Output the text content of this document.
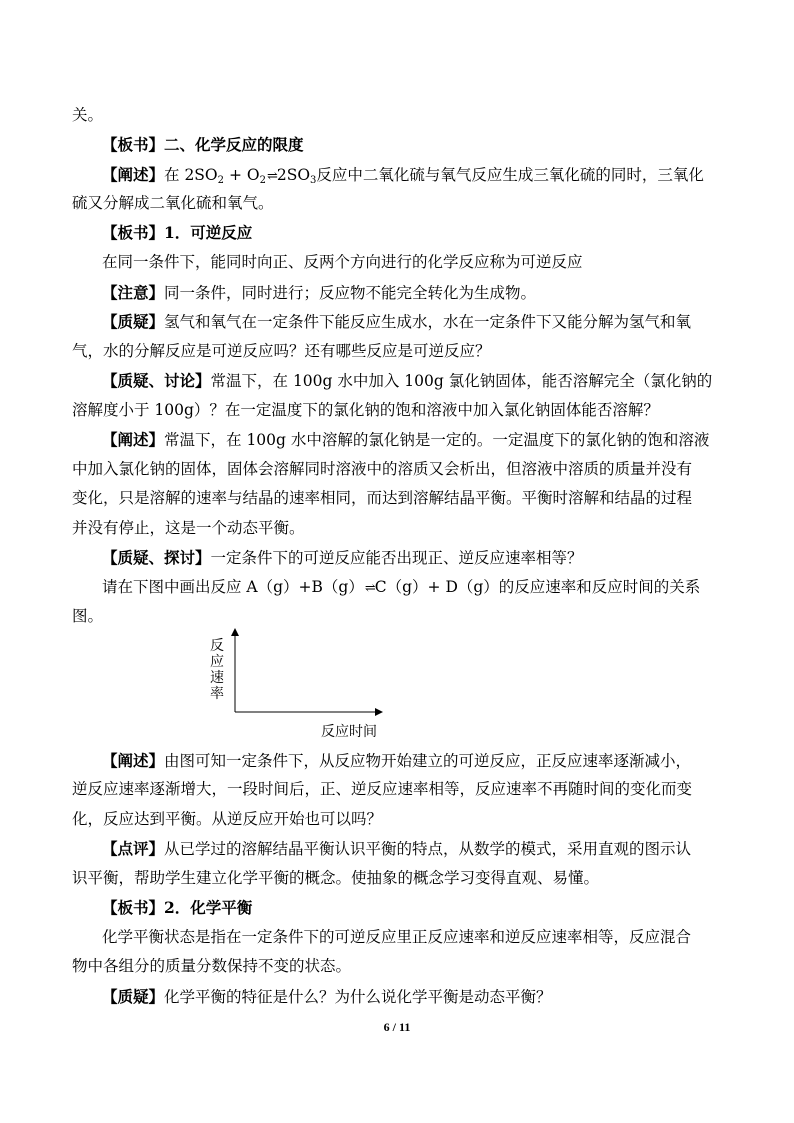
关。
【板书】二、化学反应的限度
【阐述】在 $2SO_2$ + $O_2\rightleftharpoons 2SO_3$反应中二氧化硫与氧气反应生成三氧化硫的同时，三氧化
硫又分解成二氧化硫和氧气。
【板书】1．可逆反应
在同一条件下，能同时向正、反两个方向进行的化学反应称为可逆反应
【注意】同一条件，同时进行；反应物不能完全转化为生成物。
【质疑】氢气和氧气在一定条件下能反应生成水，水在一定条件下又能分解为氢气和氧
气，水的分解反应是可逆反应吗？还有哪些反应是可逆反应？
【质疑、讨论】常温下，在 100g 水中加入 100g 氯化钠固体，能否溶解完全（氯化钠的
溶解度小于 100g）？在一定温度下的氯化钠的饱和溶液中加入氯化钠固体能否溶解？
【阐述】常温下，在 100g 水中溶解的氯化钠是一定的。一定温度下的氯化钠的饱和溶液
中加入氯化钠的固体，固体会溶解同时溶液中的溶质又会析出，但溶液中溶质的质量并没有
变化，只是溶解的速率与结晶的速率相同，而达到溶解结晶平衡。平衡时溶解和结晶的过程
并没有停止，这是一个动态平衡。
【质疑、探讨】一定条件下的可逆反应能否出现正、逆反应速率相等？
请在下图中画出反应 A（g）+B（g）⇌C（g）+ D（g）的反应速率和反应时间的关系
图。
反应速率
反应时间
【阐述】由图可知一定条件下，从反应物开始建立的可逆反应，正反应速率逐渐减小，
逆反应速率逐渐增大，一段时间后，正、逆反应速率相等，反应速率不再随时间的变化而变
化，反应达到平衡。从逆反应开始也可以吗？
【点评】从已学过的溶解结晶平衡认识平衡的特点，从数学的模式，采用直观的图示认
识平衡，帮助学生建立化学平衡的概念。使抽象的概念学习变得直观、易懂。
【板书】2．化学平衡
化学平衡状态是指在一定条件下的可逆反应里正反应速率和逆反应速率相等，反应混合
物中各组分的质量分数保持不变的状态。
【质疑】化学平衡的特征是什么？为什么说化学平衡是动态平衡？
6 / 11
